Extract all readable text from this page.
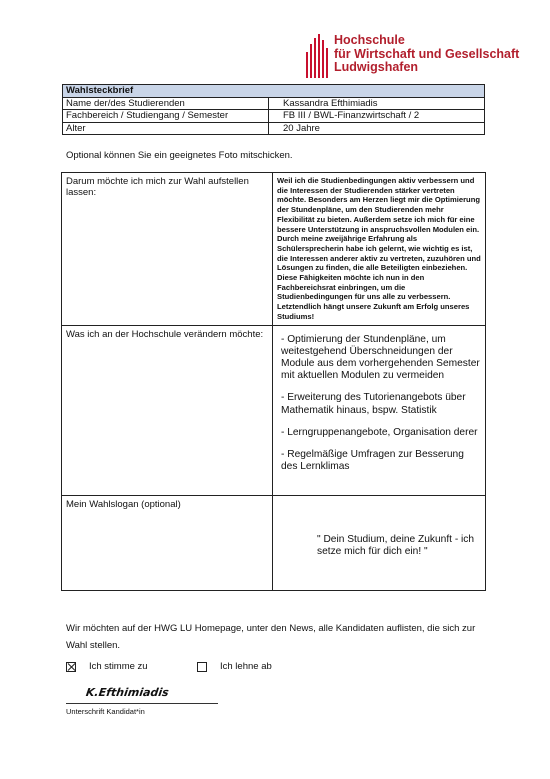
Hochschule
für Wirtschaft und Gesellschaft
Ludwigshafen
Wahlsteckbrief	
Name der/des Studierenden	Kassandra Efthimiadis
Fachbereich / Studiengang / Semester	FB III / BWL-Finanzwirtschaft / 2
Alter	20 Jahre
Optional können Sie ein geeignetes Foto mitschicken.
Darum möchte ich mich zur Wahl aufstellen lassen:	Weil ich die Studienbedingungen aktiv verbessern und die Interessen der Studierenden stärker vertreten möchte. Besonders am Herzen liegt mir die Optimierung der Stundenpläne, um den Studierenden mehr Flexibilität zu bieten. Außerdem setze ich mich für eine bessere Unterstützung in anspruchsvollen Modulen ein.
Durch meine zweijährige Erfahrung als Schülersprecherin habe ich gelernt, wie wichtig es ist, die Interessen anderer aktiv zu vertreten, zuzuhören und Lösungen zu finden, die alle Beteiligten einbeziehen. Diese Fähigkeiten möchte ich nun in den Fachbereichsrat einbringen, um die Studienbedingungen für uns alle zu verbessern. Letztendlich hängt unsere Zukunft am Erfolg unseres Studiums!

Was ich an der Hochschule verändern möchte:	- Optimierung der Stundenpläne, um weitestgehend Überschneidungen der Module aus dem vorhergehenden Semester mit aktuellen Modulen zu vermeiden

- Erweiterung des Tutorienangebots über Mathematik hinaus, bspw. Statistik

- Lerngruppenangebote, Organisation derer

- Regelmäßige Umfragen zur Besserung des Lernklimas

Mein Wahlslogan (optional)	" Dein Studium, deine Zukunft - ich setze mich für dich ein! "

Wir möchten auf der HWG LU Homepage, unter den News, alle Kandidaten auflisten, die sich zur Wahl stellen.
Ich stimme zu	Ich lehne ab
K.Efthimiadis
Unterschrift Kandidat*in
